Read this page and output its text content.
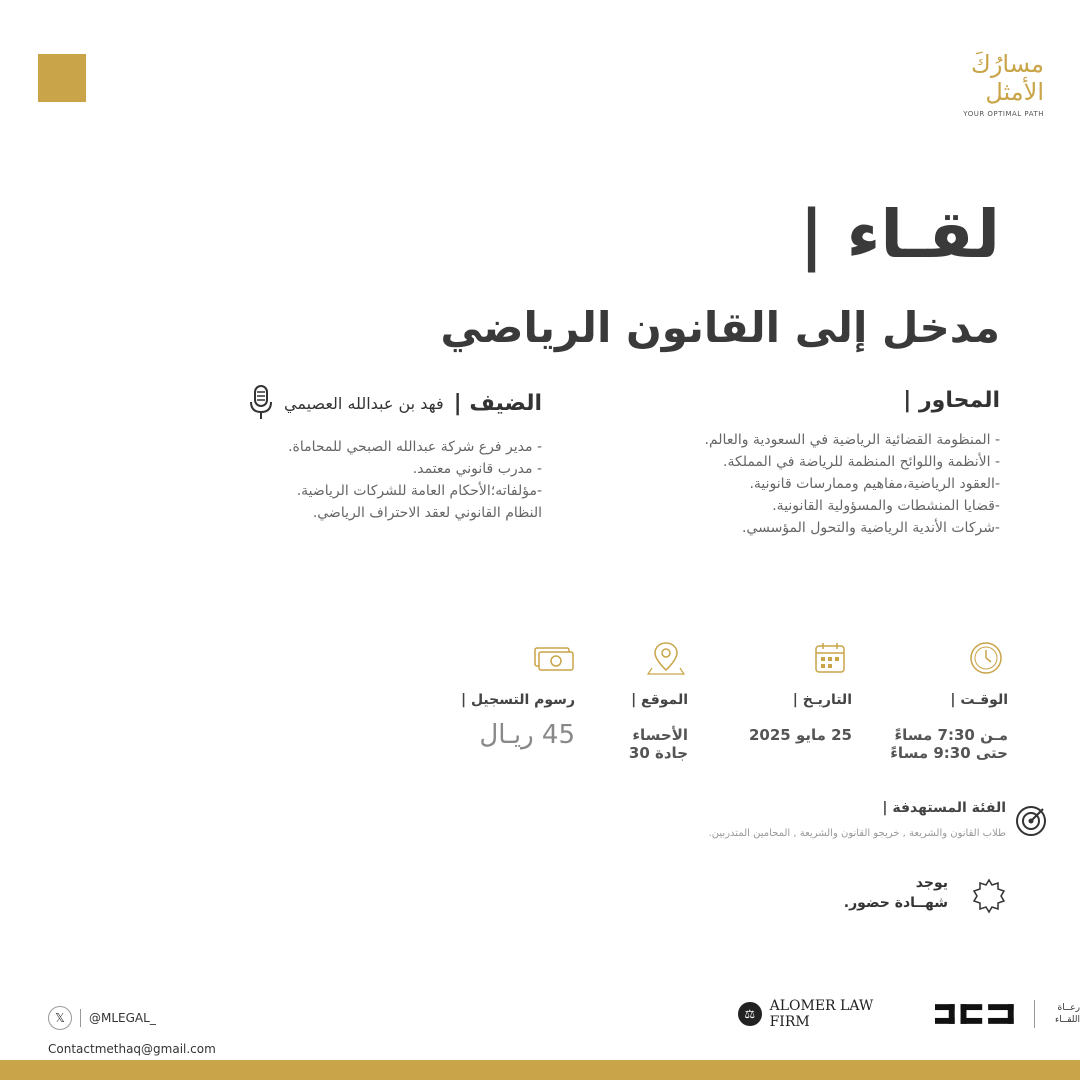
مسارُكَ
الأمثل
YOUR OPTIMAL PATH
لقـاء |
مدخل إلى القانون الرياضي
المحاور |
- المنظومة القضائية الرياضية في السعودية والعالم.
- الأنظمة واللوائح المنظمة للرياضة في المملكة.
-العقود الرياضية،مفاهيم وممارسات قانونية.
-قضايا المنشطات والمسؤولية القانونية.
-شركات الأندية الرياضية والتحول المؤسسي.
الضيف |
فهد بن عبدالله العصيمي
- مدير فرع شركة عبدالله الصبحي للمحاماة.
- مدرب قانوني معتمد.
-مؤلفاته؛الأحكام العامة للشركات الرياضية.
النظام القانوني لعقد الاحتراف الرياضي.
الوقـت |
مـن 7:30 مساءً
حتى 9:30 مساءً
التاريـخ |
25 مايو 2025
الموقع |
الأحساء
جادة 30
رسوم التسجيل |
45 ريـال
الفئة المستهدفة |
طلاب القانون والشريعة , خريجو القانون والشريعة , المحامين المتدربين.
يوجد
شهــادة حضور.
𝕏	@MLEGAL_
Contactmethaq@gmail.com
⚖	ALOMER LAW FIRM
رعــاة
اللقــاء
